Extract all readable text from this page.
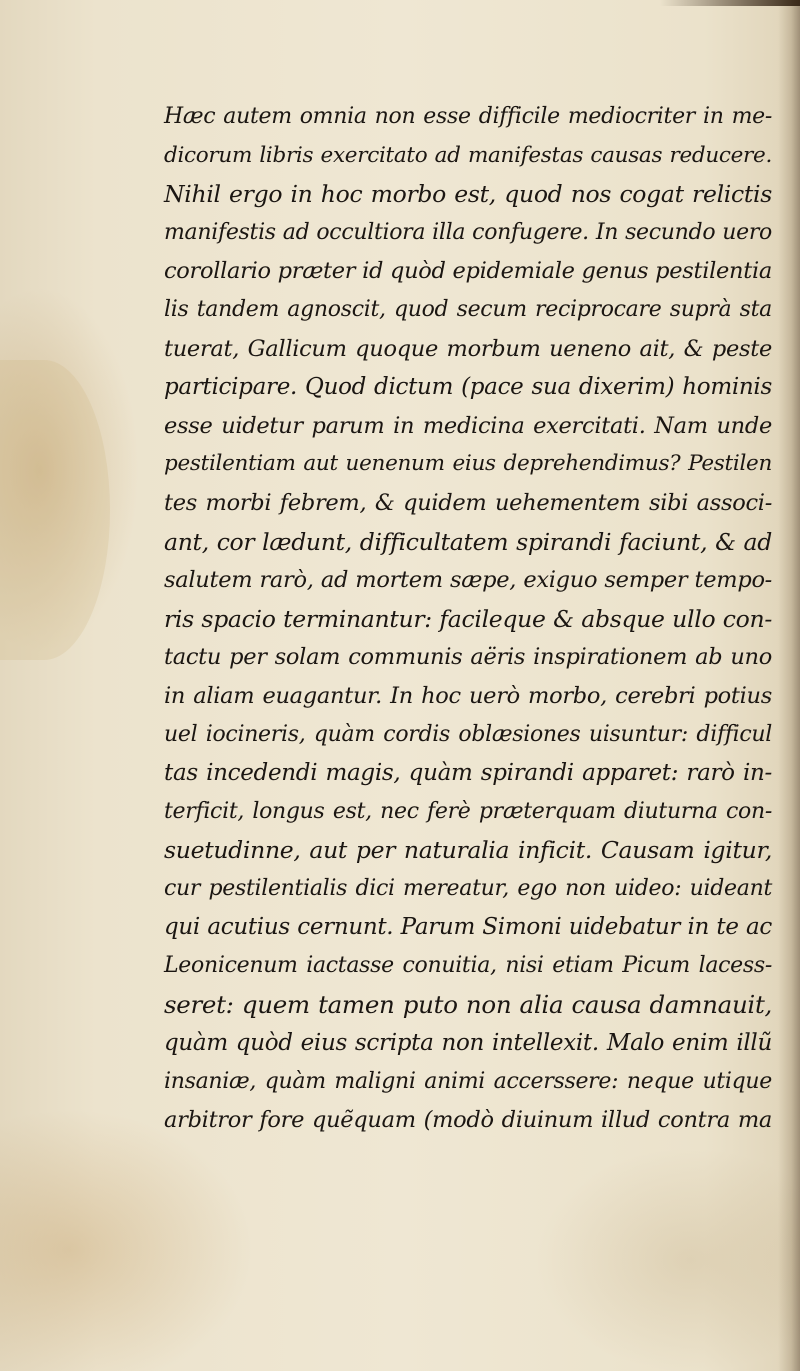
Hæc autem omnia non esse difficile mediocriter in me-
dicorum libris exercitato ad manifestas causas reducere.
Nihil ergo in hoc morbo est, quod nos cogat relictis
manifestis ad occultiora illa confugere. In secundo uero
corollario præter id quòd epidemiale genus pestilentia
lis tandem agnoscit, quod secum reciprocare suprà sta
tuerat, Gallicum quoque morbum ueneno ait, & peste
participare. Quod dictum (pace sua dixerim) hominis
esse uidetur parum in medicina exercitati. Nam unde
pestilentiam aut uenenum eius deprehendimus? Pestilen
tes morbi febrem, & quidem uehementem sibi associ-
ant, cor lædunt, difficultatem spirandi faciunt, & ad
salutem rarò, ad mortem sæpe, exiguo semper tempo-
ris spacio terminantur: facileque & absque ullo con-
tactu per solam communis aëris inspirationem ab uno
in aliam euagantur. In hoc uerò morbo, cerebri potius
uel iocineris, quàm cordis oblæsiones uisuntur: difficul
tas incedendi magis, quàm spirandi apparet: rarò in-
terficit, longus est, nec ferè præterquam diuturna con-
suetudinne, aut per naturalia inficit. Causam igitur,
cur pestilentialis dici mereatur, ego non uideo: uideant
qui acutius cernunt. Parum Simoni uidebatur in te ac
Leonicenum iactasse conuitia, nisi etiam Picum lacess-
seret: quem tamen puto non alia causa damnauit,
quàm quòd eius scripta non intellexit. Malo enim illũ
insaniæ, quàm maligni animi accerssere: neque utique
arbitror fore quẽquam (modò diuinum illud contra ma
